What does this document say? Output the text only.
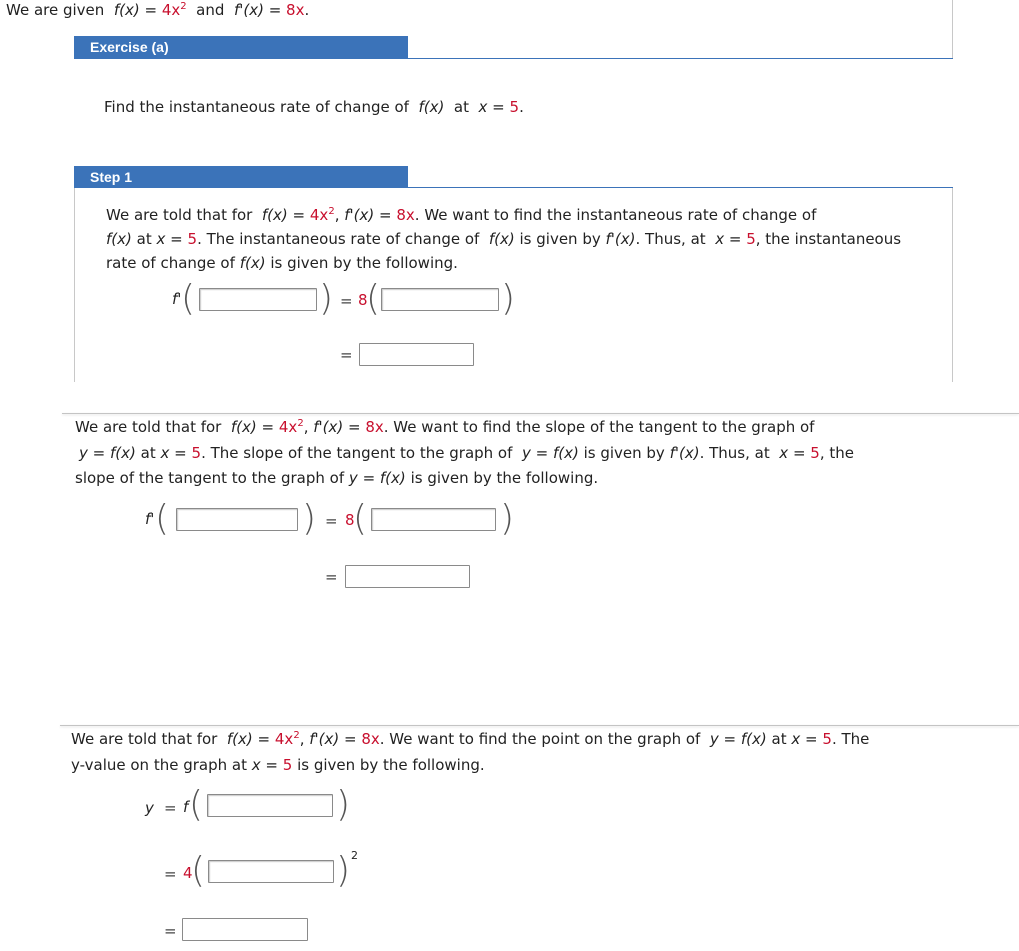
We are given $f(x) = 4x^2$ and f'(x) = 8x.
Exercise (a)
Find the instantaneous rate of change of f(x) at x = 5.
Step 1
We are told that for $f(x) = 4x^2$, f'(x) = 8x. We want to find the instantaneous rate of change of
f(x) at x = 5. The instantaneous rate of change of f(x) is given by f'(x). Thus, at x = 5, the instantaneous
rate of change of f(x) is given by the following.
f' (	) = 8
(	)
=
We are told that for $f(x) = 4x^2$, f'(x) = 8x. We want to find the slope of the tangent to the graph of
y = f(x) at x = 5. The slope of the tangent to the graph of y = f(x) is given by f'(x). Thus, at x = 5, the
slope of the tangent to the graph of y = f(x) is given by the following.
f' (	) = 8
(	)
=
We are told that for $f(x) = 4x^2$, f'(x) = 8x. We want to find the point on the graph of y = f(x) at x = 5. The
y-value on the graph at x = 5 is given by the following.
y = f (	)
= 4
(	) 2
=
